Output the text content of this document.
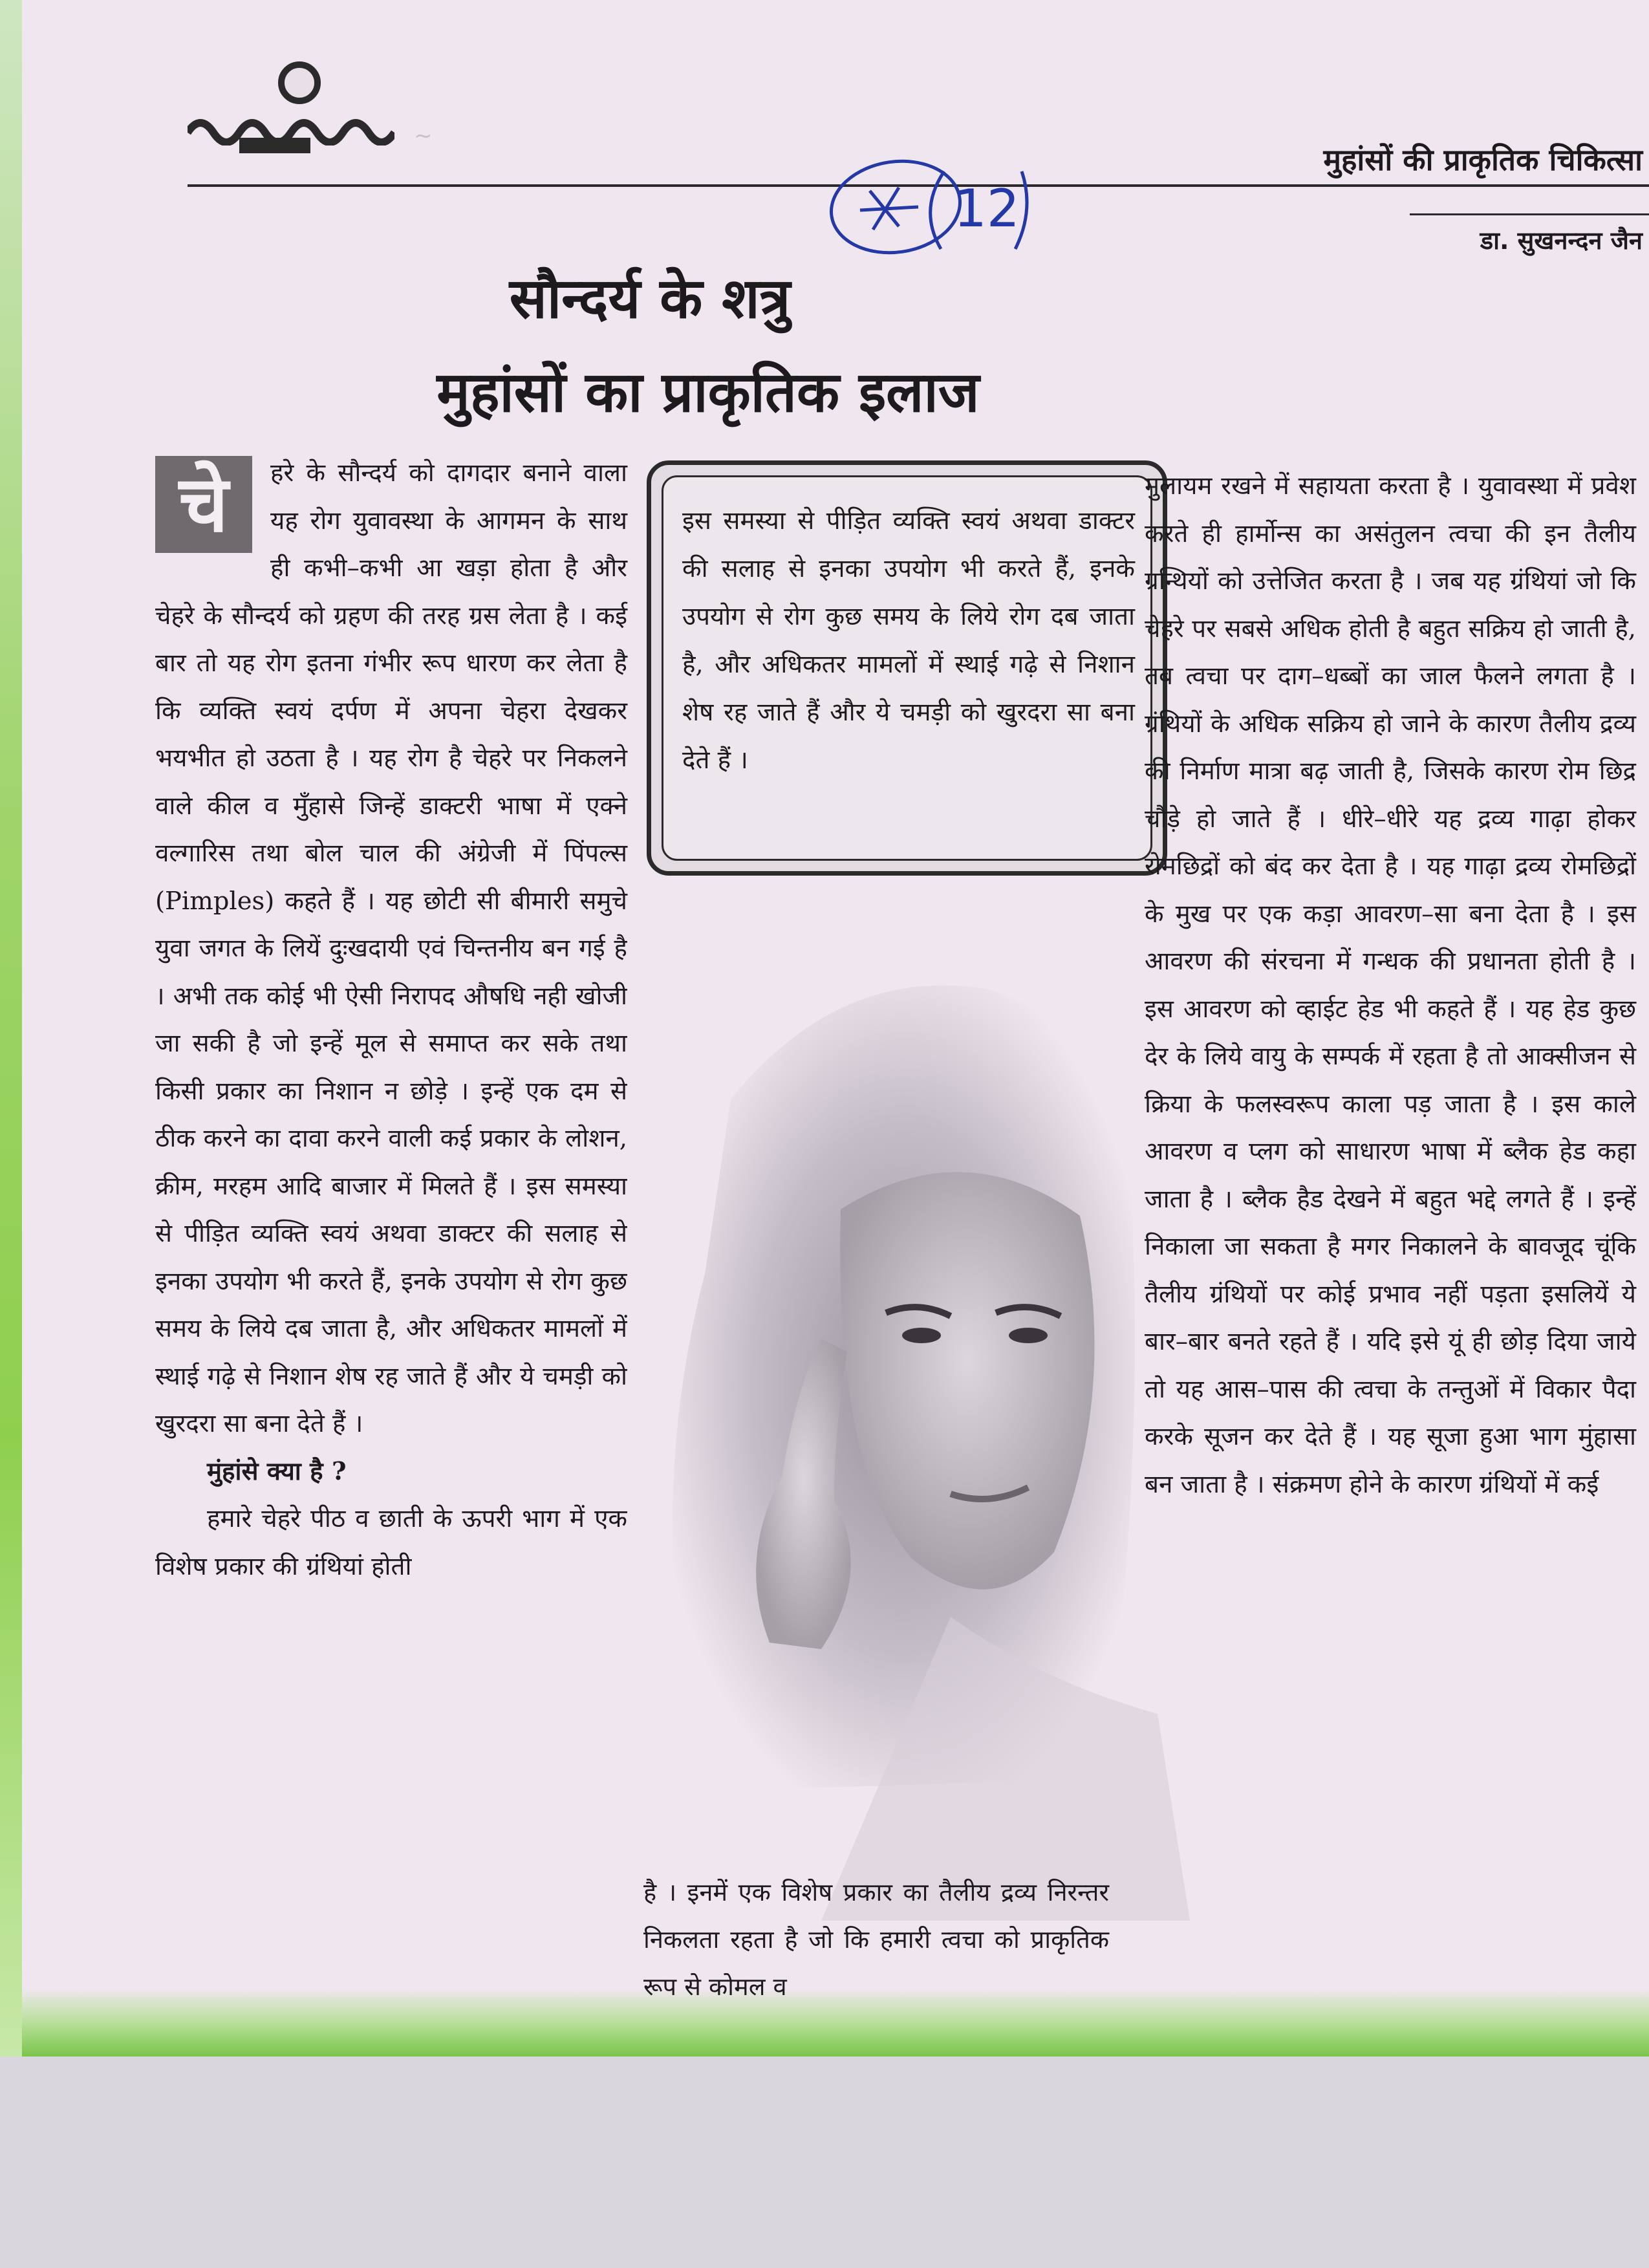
~
मुहांसों की प्राकृतिक चिकित्सा
डा. सुखनन्दन जैन
12
सौन्दर्य के शत्रु
मुहांसों का प्राकृतिक इलाज
चे	हरे के सौन्दर्य को दागदार बनाने वाला यह रोग युवावस्था के आगमन के साथ ही कभी–कभी आ खड़ा होता है और चेहरे के सौन्दर्य को ग्रहण की तरह ग्रस लेता है । कई बार तो यह रोग इतना गंभीर रूप धारण कर लेता है कि व्यक्ति स्वयं दर्पण में अपना चेहरा देखकर भयभीत हो उठता है । यह रोग है चेहरे पर निकलने वाले कील व मुँहासे जिन्हें डाक्टरी भाषा में एक्ने वल्गारिस तथा बोल चाल की अंग्रेजी में पिंपल्स (Pimples) कहते हैं । यह छोटी सी बीमारी समुचे युवा जगत के लियें दुःखदायी एवं चिन्तनीय बन गई है । अभी तक कोई भी ऐसी निरापद औषधि नही खोजी जा सकी है जो इन्हें मूल से समाप्त कर सके तथा किसी प्रकार का निशान न छोड़े । इन्हें एक दम से ठीक करने का दावा करने वाली कई प्रकार के लोशन, क्रीम, मरहम आदि बाजार में मिलते हैं । इस समस्या से पीड़ित व्यक्ति स्वयं अथवा डाक्टर की सलाह से इनका उपयोग भी करते हैं, इनके उपयोग से रोग कुछ समय के लिये दब जाता है, और अधिकतर मामलों में स्थाई गढ़े से निशान शेष रह जाते हैं और ये चमड़ी को खुरदरा सा बना देते हैं ।

मुंहांसे क्या है ?

हमारे चेहरे पीठ व छाती के ऊपरी भाग में एक विशेष प्रकार की ग्रंथियां होती

इस समस्या से पीड़ित व्यक्ति स्वयं अथवा डाक्टर की सलाह से इनका उपयोग भी करते हैं, इनके उपयोग से रोग कुछ समय के लिये रोग दब जाता है, और अधिकतर मामलों में स्थाई गढ़े से निशान शेष रह जाते हैं और ये चमड़ी को खुरदरा सा बना देते हैं ।
है । इनमें एक विशेष प्रकार का तैलीय द्रव्य निरन्तर निकलता रहता है जो कि हमारी त्वचा को प्राकृतिक रूप से कोमल व

मुलायम रखने में सहायता करता है । युवावस्था में प्रवेश करते ही हार्मोन्स का असंतुलन त्वचा की इन तैलीय ग्रन्थियों को उत्तेजित करता है । जब यह ग्रंथियां जो कि चेहरे पर सबसे अधिक होती है बहुत सक्रिय हो जाती है, तब त्वचा पर दाग–धब्बों का जाल फैलने लगता है । ग्रंथियों के अधिक सक्रिय हो जाने के कारण तैलीय द्रव्य की निर्माण मात्रा बढ़ जाती है, जिसके कारण रोम छिद्र चौड़े हो जाते हैं । धीरे–धीरे यह द्रव्य गाढ़ा होकर रोमछिद्रों को बंद कर देता है । यह गाढ़ा द्रव्य रोमछिद्रों के मुख पर एक कड़ा आवरण–सा बना देता है । इस आवरण की संरचना में गन्धक की प्रधानता होती है । इस आवरण को व्हाईट हेड भी कहते हैं । यह हेड कुछ देर के लिये वायु के सम्पर्क में रहता है तो आक्सीजन से क्रिया के फलस्वरूप काला पड़ जाता है । इस काले आवरण व प्लग को साधारण भाषा में ब्लैक हेड कहा जाता है । ब्लैक हैड देखने में बहुत भद्दे लगते हैं । इन्हें निकाला जा सकता है मगर निकालने के बावजूद चूंकि तैलीय ग्रंथियों पर कोई प्रभाव नहीं पड़ता इसलियें ये बार–बार बनते रहते हैं । यदि इसे यूं ही छोड़ दिया जाये तो यह आस–पास की त्वचा के तन्तुओं में विकार पैदा करके सूजन कर देते हैं । यह सूजा हुआ भाग मुंहासा बन जाता है । संक्रमण होने के कारण ग्रंथियों में कई
